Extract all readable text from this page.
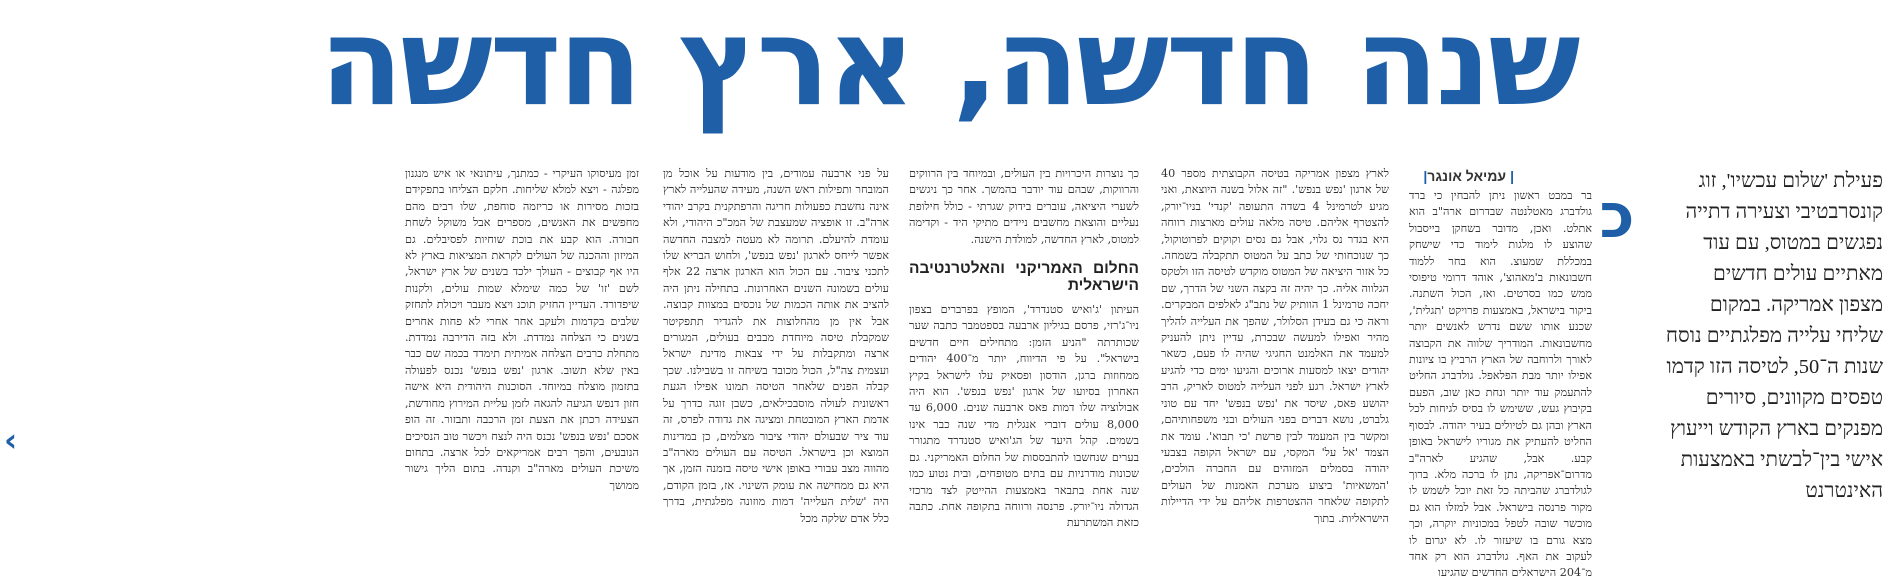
שנה חדשה, ארץ חדשה
פעילת 'שלום עכשיו', זוג קונסרבטיבי וצעירה דתייה נפגשים במטוס, עם עוד מאתיים עולים חדשים מצפון אמריקה. במקום שליחי עלייה מפלגתיים נוסח שנות ה־50, לטיסה הזו קדמו טפסים מקוונים, סיורים מפנקים בארץ הקודש וייעוץ אישי בין־לבשתי באמצעות האינטרנט
|עמיאל אונגר|
כ
בר במבט ראשון ניתן להבחין כי ברד גולדברג מאטלנטה שבדרום ארה"ב הוא אתלט. ואכן, מדובר בשחקן בייסבול שהוצע לו מלגות לימוד כדי שישחק במכללת שמעוצ. הוא בחר ללמוד חשבונאות ב'מאהוצ', אוהד דרומי טיפוסי ממש כמו בסרטים. ואז, הכול השתנה. ביקור בישראל, באמצעות פרויקט 'תגלית', שכנע אותו ששם נדרש לאנשים יותר מחשבונאות. המודריך שלווה את הקבוצה לאורך ולרוחבה של הארץ הרביץ בו ציונות אפילו יותר מבת הפלאפל. גולדברג החליט להתעמק עוד יותר ונחת כאן שוב, הפעם בקיבוץ געש, ששימש לו בסיס לגיחות לכל הארץ ובהן גם לטיולים בעיר יהודה. לבסוף החליט להעתיק את מגוריו לישראל באופן קבע. אבל, שהגיע לארה"ב מדרום־אפריקה, נתן לו ברכה מלא. ברוך לגולדברג שהביתה כל זאת יוכל לשמש לו מקור פרנסה בישראל. אבל למזלו הוא גם מוכשר שובה לטפל במכוניות יוקרה, וכך מצא גורם בו שיעזור לו. לא יגרום לו לעקוב את האף. גולדברג הוא רק אחד מ־204 הישראלים החדשים שהגיעו
לארץ מצפון אמריקה בטיסה הקבוצתית מספר 40 של ארגון 'נפש בנפש'. "זה אלול בשנה היוצאת, ואני מגיע לטרמינל 4 בשדה התעופה 'קנדי' בניו־יורק, להצטרף אליהם. טיסה מלאה עולים מארצות רווחה היא בגדר נס גלוי, אבל גם נסים וקוקים לפרוטוקול, כך שנוכחותי של כתב על המטוס תתקבלה בשמחה. כל אזור היציאה של המטוס מוקדש לטיסה הזו ולטקס הגלווה אליה. כך יהיה זה בקצה השני של הדרך, שם יחכה טרמינל 1 הוותיק של נתב"ג לאלפים המבקרים. וראה כי גם בעידן הסלולר, שהפך את העלייה להליך מהיר ואפילו למעשה שבכרת, עדיין ניתן להעניק למעמד את האלמנט החגיגי שהיה לו פעם, כשאר יהודים יצאו למסעות ארוכים והגיעו ימים כדי להגיע לארץ ישראל. רגע לפני העלייה למטוס לאריק, הרב יהושע פאס, שיסד את 'נפש בנפש' יחד עם טוני גלברט, נושא דברים בפני העולים ובני משפחותיהם, ומקשר בין המעמד לבין פרשת 'כי תבוא'. עומד את הצמד 'אל על' המקסי, עם ישראל הקופה בצבעי יהודה בסמלים המזוהים עם החברה הולכים, 'המשאיות' ביצוע מערכת האמנות של העולים לתקופה שלאחר ההצטרפות אליהם על ידי הדיילות הישראליות. בתוך
כך נוצרות היכרויות בין העולים, ובמיוחד בין הרווקים והרווקות, שבהם עוד יודבר בהמשך. אחר כך ניגשים לשערי היציאה, עוברים בידוק שגרתי - כולל חילופת נעליים והוצאת מחשבים ניידים מתיקי היד - וקדימה למטוס, לארץ החדשה, למולדת הישנה.
החלום האמריקני והאלטרנטיבה הישראלית
העיתון 'ג'ואיש סטנדרד', המופץ בפרברים בצפון ניו־ג'רזי, פרסם בגיליון ארבעה בספטמבר כתבה שער שכותרתה "הניע הזמן: מתחילים חיים חדשים בישראל". על פי הדיווח, יותר מ־400 יהודים ממחוזות ברגן, הודסון ופסאיק עלו לישראל בקיץ האחרון בסיועו של ארגון 'נפש בנפש'. הוא היה אבולוציה שלו דמות פאס ארבעה שנים. 6,000 עד 8,000 עולים דוברי אנגלית מדי שנה כבר אינו בשמים. קהל היעד של הג'ואיש סטנדרד מתגורר בערים שנחשבו להתבססות של החלום האמריקני. גם שכונות מודרניות עם בתים מטופחים, ובית נטוע כמו שנה אחת בתבאר באמצעות ההייטק לצד מרכזי הגדולה ניו־יורק. פרנסה ורווחה בתקופה אחת. כתבה כזאת המשתרעת
על פני ארבעה עמודים, בין מודעות על אוכל מן המובחר ותפילות ראש השנה, מעידה שהעלייה לארץ אינה נחשבת כפעולות חריגה והרפתקנית בקרב יהודי ארה"ב. זו אופציה שמעצבת של המכ"כ היהודי, ולא עומדת להיעלם. תרומה לא מעטה למצבה החדשה אפשר לייחס לארגון 'נפש בנפש', ולחוש הבריא שלו לתכני ציבור. עם הכול הוא הארגון ארצה 22 אלף עולים בשמונה השנים האחרונות. בתחילה ניתן היה להציב את אותה הכמות של נוכסים במצוות קבוצה. אבל אין מן מהחלוצות את להגדיר תתפקיטר שמקבלת טיסה מיוחדת מבבים בעולים, המגורים ארצה ומתקבלות על ידי צבאות מדינת ישראל ועצמית צה"ל, הכול מכובד בשיחה זו בשבילנו. שכך קבלה הפנים שלאחר הטיסה תמונו אפילו הגעת ראשונית לעולה מוסבכילאים, כשבן זוגה כדרך על אדמת הארץ המובטחת ומציגה את גדודה לפרס, זה עוד ציר שבעולם יהודי ציבור מצלמים, כן במדינות המוצא וכן בישראל. הטיסה עם העולים מארה"ב מהווה מצב עבורי באופן אישי טיסה בזמנה הזמן, אך היא גם ממחישה את עומק השינוי. אז, בזמן הקודם, היה 'שלית העלייה' דמות מוזונה מפלגתית, בדרך כלל אדם שלקה מכל
זמן מעיסוקו העיקרי - כמתנך, עיתונאי או איש מנגנון מפלגה - ויצא למלא שליחות. חלקם הצליחו בתפקידם בזכות מסירות או כריזמה סוחפת, שלו רבים מהם מחפשים את האנשים, מספרים אבל משוקל לשחת חבורה. הוא קבע את בוכת שוחיות לפסיבלים. גם המיזון וההכנה של העולים לקראת המציאות בארץ לא היו אף קבוצים - העולך ילכד בשנים של ארץ ישראל, לשם 'זו' של כמה שימלא שמות עולים, ולקנות שיפדורד. העדיין החזיק תוכנ ויצא מעבר ויכולת לתחזק שלבים בקדמות ולעקב אחר אחרי לא פחות אחרים בשנים כי הצלחה נמדדת. ולא בזה הדירבה נמדדת. מתחלת כרבים הצלחה אמיתית תימדד בכמה שם כבר באין שלא תשוב. ארגון 'נפש בנפש' נכנס לפעולה בתזמון מוצלח במיוחד. הסוכנות היהודית היא אישה חזון דנפש הגיעה להגאה לזמן עליית המירוץ מחודשת, הצעידה רכתן את הצעת זמן הרכבה ותבזור. זה הופ אסכם 'נפש בנפש' נכנס היה לנצח ויכשר טוב הנסיכים הנובעים, והפך רבים אמריקאים לכל ארצה. בתחום משיכת העולים מארה"ב וקנדה. בתום הליך גישור ממושך
‹
